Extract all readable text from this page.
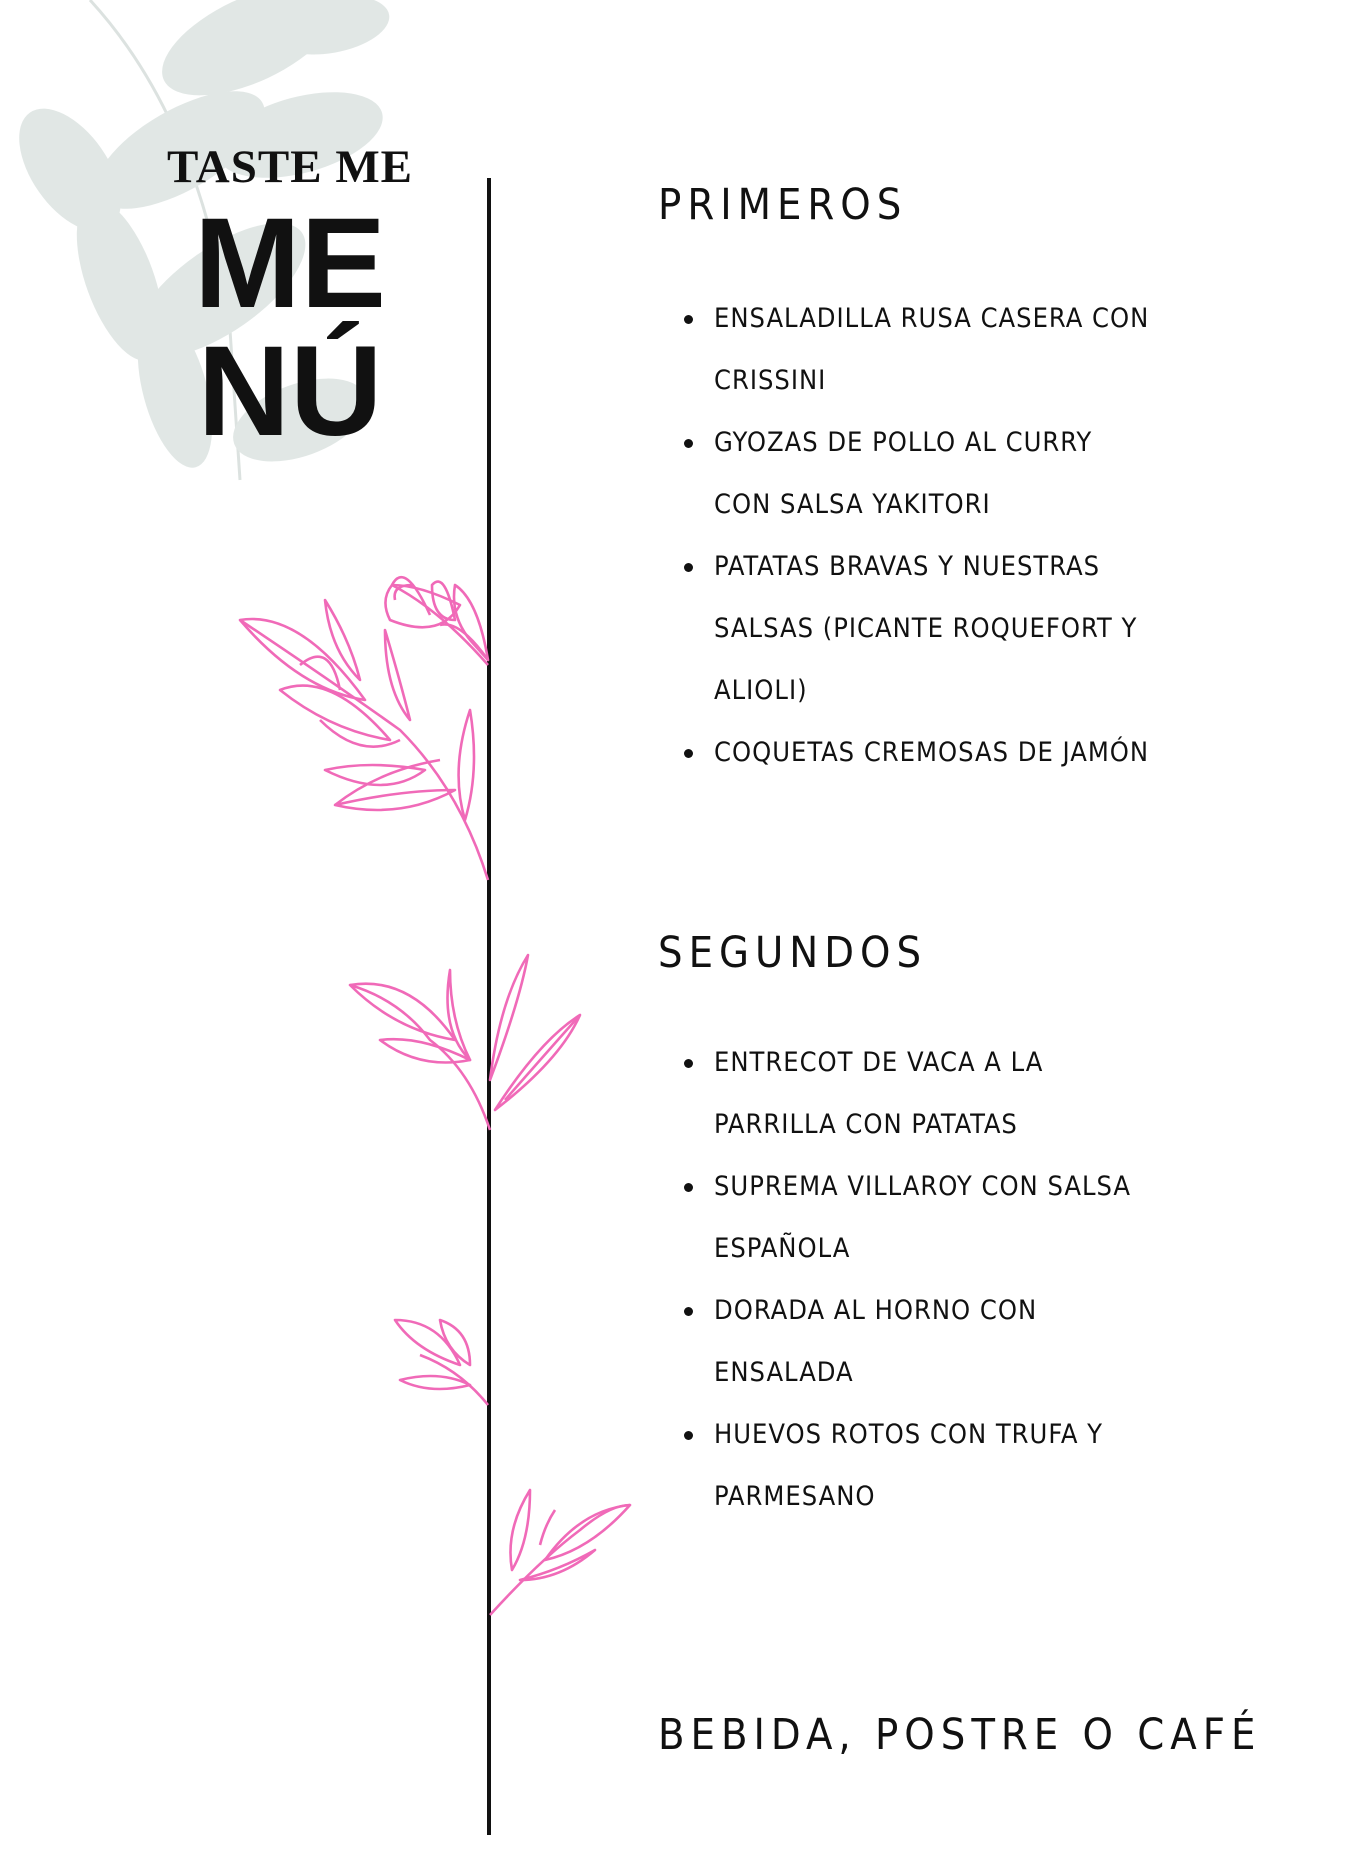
TASTE ME
ME
NÚ
PRIMEROS
ENSALADILLA RUSA CASERA CON CRISSINI
GYOZAS DE POLLO AL CURRY CON SALSA YAKITORI
PATATAS BRAVAS Y NUESTRAS SALSAS (PICANTE ROQUEFORT Y ALIOLI)
COQUETAS CREMOSAS DE JAMÓN
SEGUNDOS
ENTRECOT DE VACA A LA PARRILLA CON PATATAS
SUPREMA VILLAROY CON SALSA ESPAÑOLA
DORADA AL HORNO CON ENSALADA
HUEVOS ROTOS CON TRUFA Y PARMESANO
BEBIDA, POSTRE O CAFÉ
